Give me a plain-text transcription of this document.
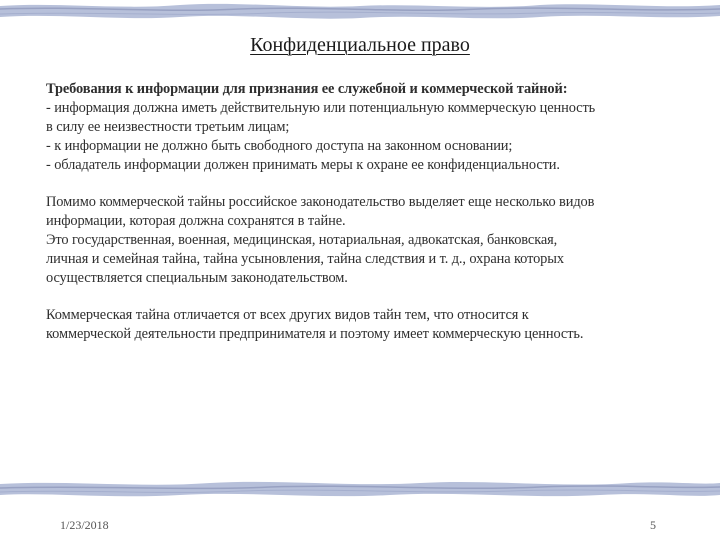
Конфиденциальное право

Требования к информации для признания ее служебной и коммерческой тайной:
- информация должна иметь действительную или потенциальную коммерческую ценность
в силу ее неизвестности третьим лицам;
- к информации не должно быть свободного доступа на законном основании;
- обладатель информации должен принимать меры к охране ее конфиденциальности.

Помимо коммерческой тайны российское законодательство выделяет еще несколько видов
информации, которая должна сохранятся в тайне.
Это государственная, военная, медицинская, нотариальная, адвокатская, банковская,
личная и семейная тайна, тайна усыновления, тайна следствия и т. д., охрана которых
осуществляется специальным законодательством.

Коммерческая тайна отличается от всех других видов тайн тем, что относится к
коммерческой деятельности предпринимателя и поэтому имеет коммерческую ценность.

1/23/2018	5
